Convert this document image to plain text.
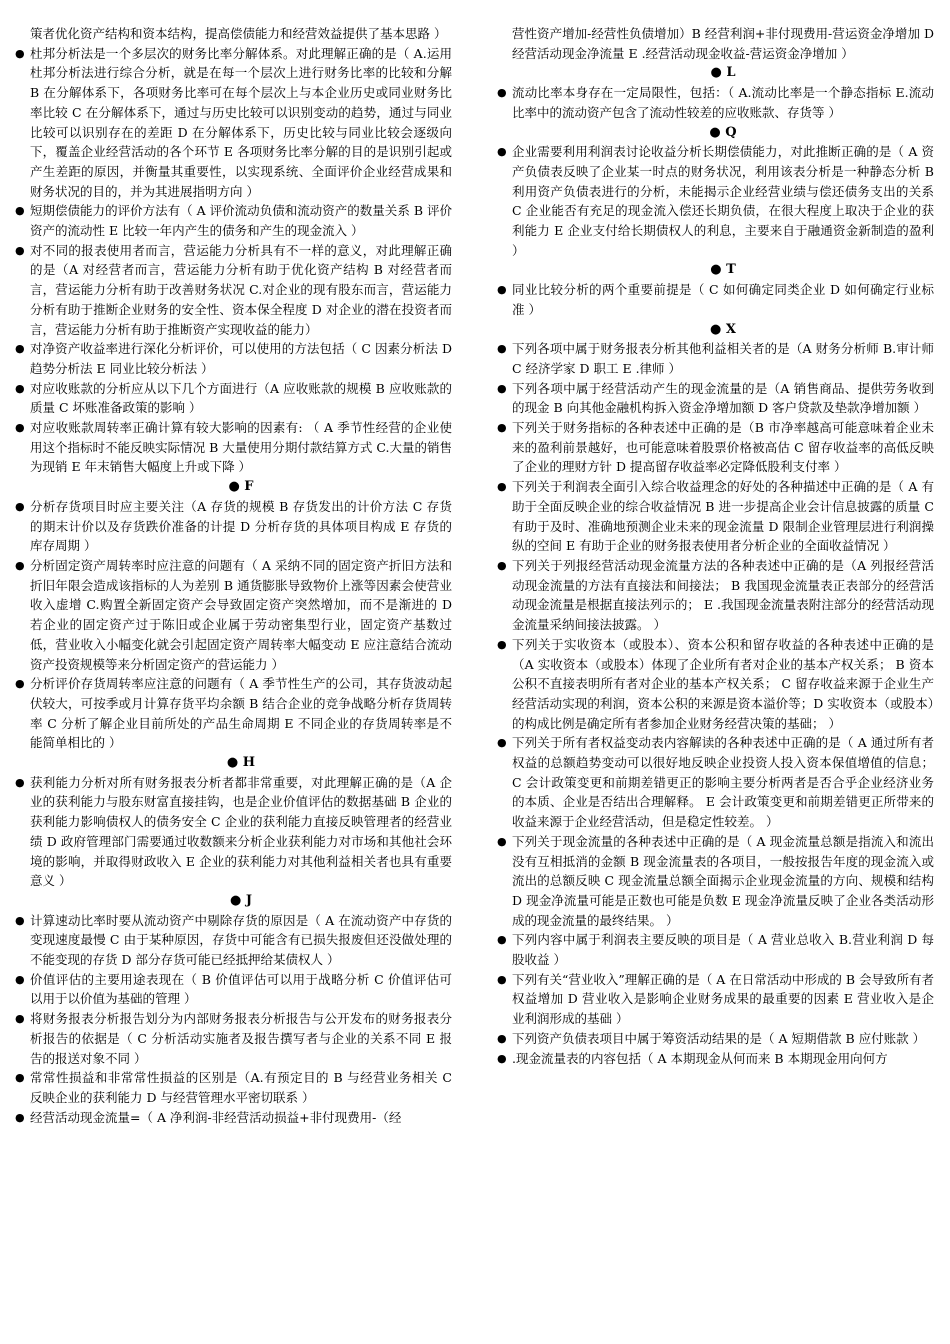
策者优化资产结构和资本结构，提高偿债能力和经营效益提供了基本思路 ）
● 杜邦分析法是一个多层次的财务比率分解体系。对此理解正确的是（ A.运用杜邦分析法进行综合分析，就是在每一个层次上进行财务比率的比较和分解 B 在分解体系下，各项财务比率可在每个层次上与本企业历史或同业财务比率比较 C 在分解体系下，通过与历史比较可以识别变动的趋势，通过与同业比较可以识别存在的差距 D 在分解体系下，历史比较与同业比较会逐级向下，覆盖企业经营活动的各个环节 E 各项财务比率分解的目的是识别引起或产生差距的原因，并衡量其重要性，以实现系统、全面评价企业经营成果和财务状况的目的，并为其进展指明方向 ）
● 短期偿债能力的评价方法有（ A 评价流动负债和流动资产的数量关系 B 评价资产的流动性 E 比较一年内产生的债务和产生的现金流入 ）
● 对不同的报表使用者而言，营运能力分析具有不一样的意义，对此理解正确的是（A 对经营者而言，营运能力分析有助于优化资产结构 B 对经营者而言，营运能力分析有助于改善财务状况 C.对企业的现有股东而言，营运能力分析有助于推断企业财务的安全性、资本保全程度 D 对企业的潜在投资者而言，营运能力分析有助于推断资产实现收益的能力）
● 对净资产收益率进行深化分析评价，可以使用的方法包括（ C 因素分析法 D 趋势分析法 E 同业比较分析法 ）
● 对应收账款的分析应从以下几个方面进行（A 应收账款的规模 B 应收账款的质量 C 坏账准备政策的影响 ）
● 对应收账款周转率正确计算有较大影响的因素有: （ A 季节性经营的企业使用这个指标时不能反映实际情况 B 大量使用分期付款结算方式 C.大量的销售为现销 E 年末销售大幅度上升或下降 ）
● F
● 分析存货项目时应主要关注（A 存货的规模 B 存货发出的计价方法 C 存货的期末计价以及存货跌价准备的计提 D 分析存货的具体项目构成 E 存货的库存周期 ）
● 分析固定资产周转率时应注意的问题有（ A 采纳不同的固定资产折旧方法和折旧年限会造成该指标的人为差别 B 通货膨胀导致物价上涨等因素会使营业收入虚增 C.购置全新固定资产会导致固定资产突然增加，而不是渐进的 D 若企业的固定资产过于陈旧或企业属于劳动密集型行业，固定资产基数过低，营业收入小幅变化就会引起固定资产周转率大幅变动 E 应注意结合流动资产投资规模等来分析固定资产的营运能力 ）
● 分析评价存货周转率应注意的问题有（ A 季节性生产的公司，其存货波动起伏较大，可按季或月计算存货平均余额 B 结合企业的竞争战略分析存货周转率 C 分析了解企业目前所处的产品生命周期 E 不同企业的存货周转率是不能简单相比的 ）
● H
● 获利能力分析对所有财务报表分析者都非常重要，对此理解正确的是（A 企业的获利能力与股东财富直接挂钩，也是企业价值评估的数据基础 B 企业的获利能力影响债权人的债务安全 C 企业的获利能力直接反映管理者的经营业绩 D 政府管理部门需要通过收数额来分析企业获利能力对市场和其他社会环境的影响，并取得财政收入 E 企业的获利能力对其他利益相关者也具有重要意义 ）
● J
● 计算速动比率时要从流动资产中剔除存货的原因是（ A 在流动资产中存货的变现速度最慢 C 由于某种原因，存货中可能含有已损失报废但还没做处理的不能变现的存货 D 部分存货可能已经抵押给某债权人 ）
● 价值评估的主要用途表现在（ B 价值评估可以用于战略分析 C 价值评估可以用于以价值为基础的管理 ）
● 将财务报表分析报告划分为内部财务报表分析报告与公开发布的财务报表分析报告的依据是（ C 分析活动实施者及报告撰写者与企业的关系不同 E 报告的报送对象不同 ）
● 常常性损益和非常常性损益的区别是（A.有预定目的 B 与经营业务相关 C 反映企业的获利能力 D 与经营管理水平密切联系 ）
● 经营活动现金流量=（ A 净利润-非经营活动损益+非付现费用-（经
营性资产增加-经营性负债增加）B 经营利润+非付现费用-营运资金净增加 D 经营活动现金净流量 E .经营活动现金收益-营运资金净增加 ）
● L
● 流动比率本身存在一定局限性，包括：（ A.流动比率是一个静态指标 E.流动比率中的流动资产包含了流动性较差的应收账款、存货等 ）
● Q
● 企业需要利用利润表讨论收益分析长期偿债能力，对此推断正确的是（ A 资产负债表反映了企业某一时点的财务状况，利用该表分析是一种静态分析 B 利用资产负债表进行的分析，未能揭示企业经营业绩与偿还债务支出的关系 C 企业能否有充足的现金流入偿还长期负债，在很大程度上取决于企业的获利能力 E 企业支付给长期债权人的利息，主要来自于融通资金新制造的盈利 ）
● T
● 同业比较分析的两个重要前提是（ C 如何确定同类企业 D 如何确定行业标准 ）
● X
● 下列各项中属于财务报表分析其他利益相关者的是（A 财务分析师 B.审计师 C 经济学家 D 职工 E .律师 ）
● 下列各项中属于经营活动产生的现金流量的是（A 销售商品、提供劳务收到的现金 B 向其他金融机构拆入资金净增加额 D 客户贷款及垫款净增加额 ）
● 下列关于财务指标的各种表述中正确的是（B 市净率越高可能意味着企业未来的盈利前景越好，也可能意味着股票价格被高估 C 留存收益率的高低反映了企业的理财方针 D 提高留存收益率必定降低股利支付率 ）
● 下列关于利润表全面引入综合收益理念的好处的各种描述中正确的是（ A 有助于全面反映企业的综合收益情况 B 进一步提高企业会计信息披露的质量 C 有助于及时、准确地预测企业未来的现金流量 D 限制企业管理层进行利润操纵的空间 E 有助于企业的财务报表使用者分析企业的全面收益情况 ）
● 下列关于列报经营活动现金流量方法的各种表述中正确的是（A 列报经营活动现金流量的方法有直接法和间接法； B 我国现金流量表正表部分的经营活动现金流量是根据直接法列示的； E .我国现金流量表附注部分的经营活动现金流量采纳间接法披露。 ）
● 下列关于实收资本（或股本）、资本公积和留存收益的各种表述中正确的是（A 实收资本（或股本）体现了企业所有者对企业的基本产权关系； B 资本公积不直接表明所有者对企业的基本产权关系； C 留存收益来源于企业生产经营活动实现的利润，资本公积的来源是资本溢价等；D 实收资本（或股本）的构成比例是确定所有者参加企业财务经营决策的基础； ）
● 下列关于所有者权益变动表内容解读的各种表述中正确的是（ A 通过所有者权益的总额趋势变动可以很好地反映企业投资人投入资本保值增值的信息； C 会计政策变更和前期差错更正的影响主要分析两者是否合乎企业经济业务的本质、企业是否结出合理解释。 E 会计政策变更和前期差错更正所带来的收益来源于企业经营活动，但是稳定性较差。 ）
● 下列关于现金流量的各种表述中正确的是（ A 现金流量总额是指流入和流出没有互相抵消的金额 B 现金流量表的各项目，一般按报告年度的现金流入或流出的总额反映 C 现金流量总额全面揭示企业现金流量的方向、规模和结构 D 现金净流量可能是正数也可能是负数 E 现金净流量反映了企业各类活动形成的现金流量的最终结果。 ）
● 下列内容中属于利润表主要反映的项目是（ A 营业总收入 B.营业利润 D 每股收益 ）
● 下列有关“营业收入”理解正确的是（ A 在日常活动中形成的 B 会导致所有者权益增加 D 营业收入是影响企业财务成果的最重要的因素 E 营业收入是企业利润形成的基础 ）
● 下列资产负债表项目中属于筹资活动结果的是（ A 短期借款 B 应付账款 ）
● .现金流量表的内容包括（ A 本期现金从何而来 B 本期现金用向何方
